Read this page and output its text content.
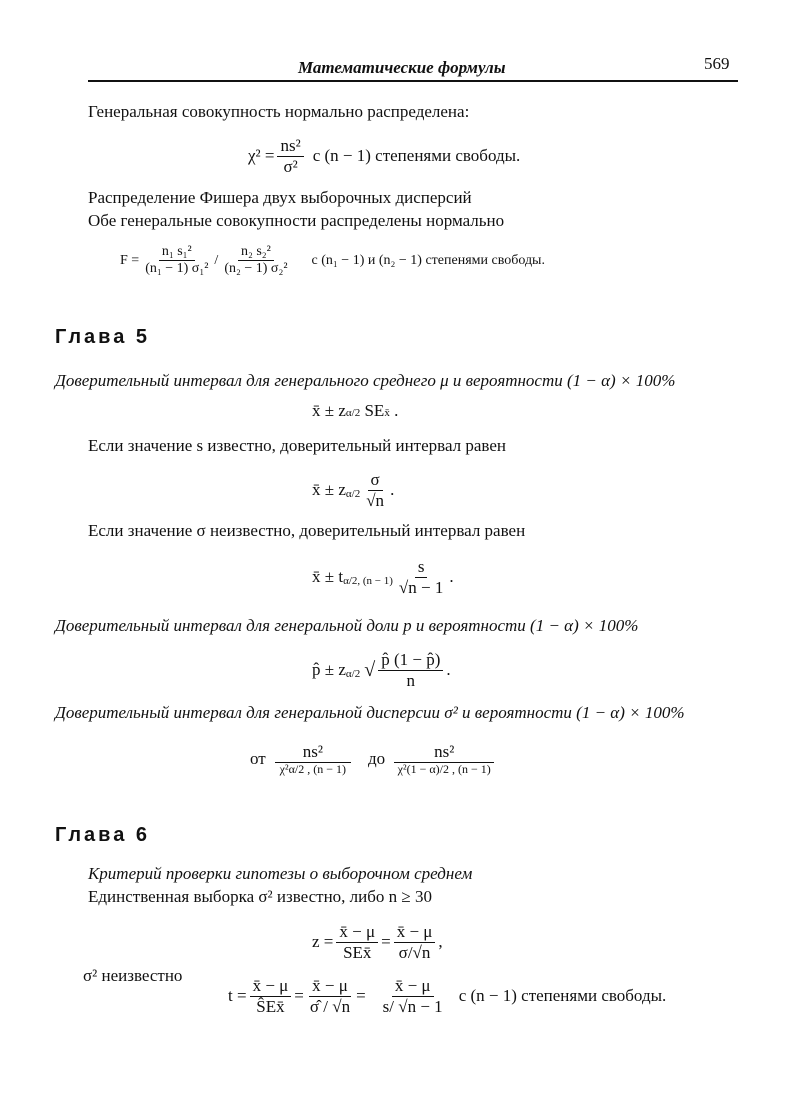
Математические формулы	569
Генеральная совокупность нормально распределена:
$\chi^2 = \frac{\text{ns²}}{\text{σ²}}$ с (n − 1) степенями свободы.
Распределение Фишера двух выборочных дисперсий
Обе генеральные совокупности распределены нормально
$F = \frac{\text{n₁ s₁²}}{\text{(n₁ − 1) σ₁²}} / \frac{\text{n₂ s₂²}}{\text{(n₂ − 1) σ₂²}}$ с (n₁ − 1) и (n₂ − 1) степенями свободы.
Глава 5
Доверительный интервал для генерального среднего μ и вероятности (1 − α) × 100%
x̄ ± zα/2 SEx̄ .
Если значение s известно, доверительный интервал равен
x̄ ± z $\alpha/2 \frac{\sigma}{√n}$ .
Если значение σ неизвестно, доверительный интервал равен
x̄ ± t α/2, $(n - 1) \frac{s}{√n - 1}$ .
Доверительный интервал для генеральной доли p и вероятности (1 − α) × 100%
p̂ ± z α/2 √ $\frac{p̂ (1 - p̂)}{n}$ .
Доверительный интервал для генеральной дисперсии σ² и вероятности (1 − α) × 100%
от $\frac{\text{ns²}}{\text{χ²α/2 , (n − 1)}}$ до $\frac{\text{ns²}}{\text{χ²(1 − α)/2 , (n − 1)}}$
Глава 6
Критерий проверки гипотезы о выборочном среднем
Единственная выборка σ² известно, либо n ≥ 30
$z = \frac{x̄ - \mu}{\text{SEx̄}} = \frac{x̄ - \mu}{\sigma/√n}$ ,
σ² неизвестно
$t = \frac{x̄ - \mu}{\text{ŜEx̄}} = \frac{x̄ - \mu}{\sigmâ / √n} = \frac{x̄ - \mu}{s/ √n - 1}$ с (n − 1) степенями свободы.
